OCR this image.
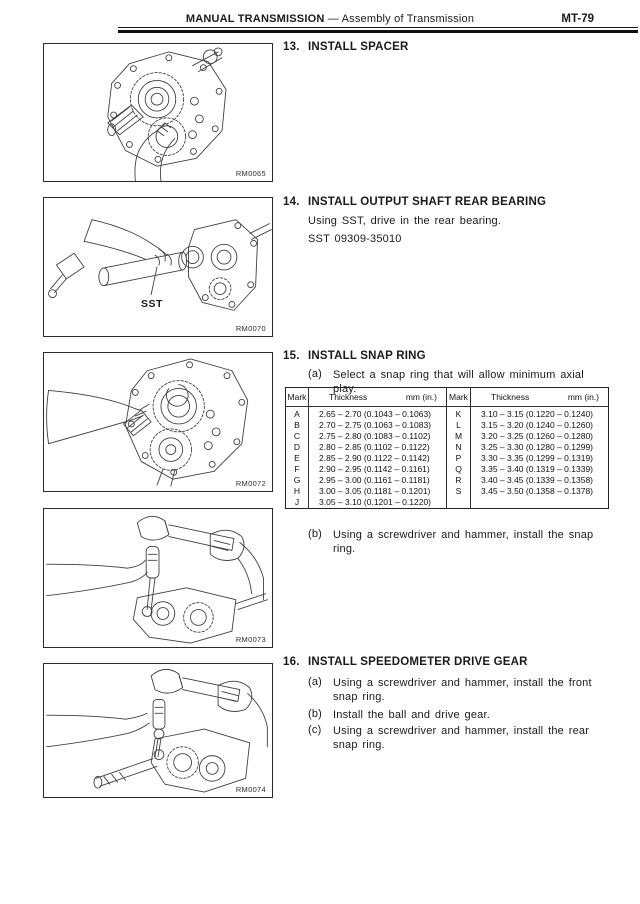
MANUAL TRANSMISSION — Assembly of Transmission	MT-79
RM0065
SST
RM0070
RM0072
RM0073
RM0074
13. INSTALL SPACER
14. INSTALL OUTPUT SHAFT REAR BEARING
Using SST, drive in the rear bearing.
SST 09309-35010
15. INSTALL SNAP RING
(a) Select a snap ring that will allow minimum axial play.
Mark	Thickness mm (in.)	Mark	Thickness mm (in.)

A	2.65 – 2.70 (0.1043 – 0.1063)	K	3.10 – 3.15 (0.1220 – 0.1240)
B	2.70 – 2.75 (0.1063 – 0.1083)	L	3.15 – 3.20 (0.1240 – 0.1260)
C	2.75 – 2.80 (0.1083 – 0.1102)	M	3.20 – 3.25 (0.1260 – 0.1280)
D	2.80 – 2.85 (0.1102 – 0.1122)	N	3.25 – 3.30 (0.1280 – 0.1299)
E	2.85 – 2.90 (0.1122 – 0.1142)	P	3.30 – 3.35 (0.1299 – 0.1319)
F	2.90 – 2.95 (0.1142 – 0.1161)	Q	3.35 – 3.40 (0.1319 – 0.1339)
G	2.95 – 3.00 (0.1161 – 0.1181)	R	3.40 – 3.45 (0.1339 – 0.1358)
H	3.00 – 3.05 (0.1181 – 0.1201)	S	3.45 – 3.50 (0.1358 – 0.1378)
J	3.05 – 3.10 (0.1201 – 0.1220)		
(b) Using a screwdriver and hammer, install the snap ring.
16. INSTALL SPEEDOMETER DRIVE GEAR
(a) Using a screwdriver and hammer, install the front snap ring.
(b) Install the ball and drive gear.
(c)	Using a screwdriver and hammer, install the rear snap ring.
